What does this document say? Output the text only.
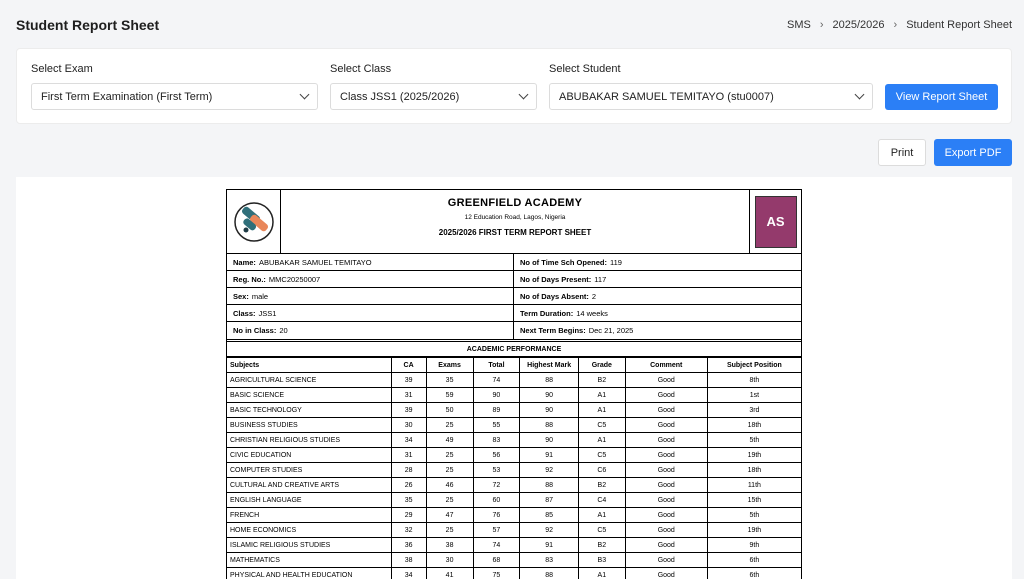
Student Report Sheet	SMS › 2025/2026 › Student Report Sheet
Select Exam
First Term Examination (First Term)
Select Class
Class JSS1 (2025/2026)
Select Student
ABUBAKAR SAMUEL TEMITAYO (stu0007)	View Report Sheet
Print	Export PDF
GREENFIELD ACADEMY
12 Education Road, Lagos, Nigeria
2025/2026 FIRST TERM REPORT SHEET
AS
Name: ABUBAKAR SAMUEL TEMITAYO	No of Time Sch Opened: 119
Reg. No.: MMC20250007	No of Days Present: 117
Sex: male	No of Days Absent: 2
Class: JSS1	Term Duration: 14 weeks
No in Class: 20	Next Term Begins: Dec 21, 2025
ACADEMIC PERFORMANCE
Subjects	CA	Exams	Total	Highest Mark	Grade	Comment	Subject Position
AGRICULTURAL SCIENCE	39	35	74	88	B2	Good	8th
BASIC SCIENCE	31	59	90	90	A1	Good	1st
BASIC TECHNOLOGY	39	50	89	90	A1	Good	3rd
BUSINESS STUDIES	30	25	55	88	C5	Good	18th
CHRISTIAN RELIGIOUS STUDIES	34	49	83	90	A1	Good	5th
CIVIC EDUCATION	31	25	56	91	C5	Good	19th
COMPUTER STUDIES	28	25	53	92	C6	Good	18th
CULTURAL AND CREATIVE ARTS	26	46	72	88	B2	Good	11th
ENGLISH LANGUAGE	35	25	60	87	C4	Good	15th
FRENCH	29	47	76	85	A1	Good	5th
HOME ECONOMICS	32	25	57	92	C5	Good	19th
ISLAMIC RELIGIOUS STUDIES	36	38	74	91	B2	Good	9th
MATHEMATICS	38	30	68	83	B3	Good	6th
PHYSICAL AND HEALTH EDUCATION	34	41	75	88	A1	Good	6th
